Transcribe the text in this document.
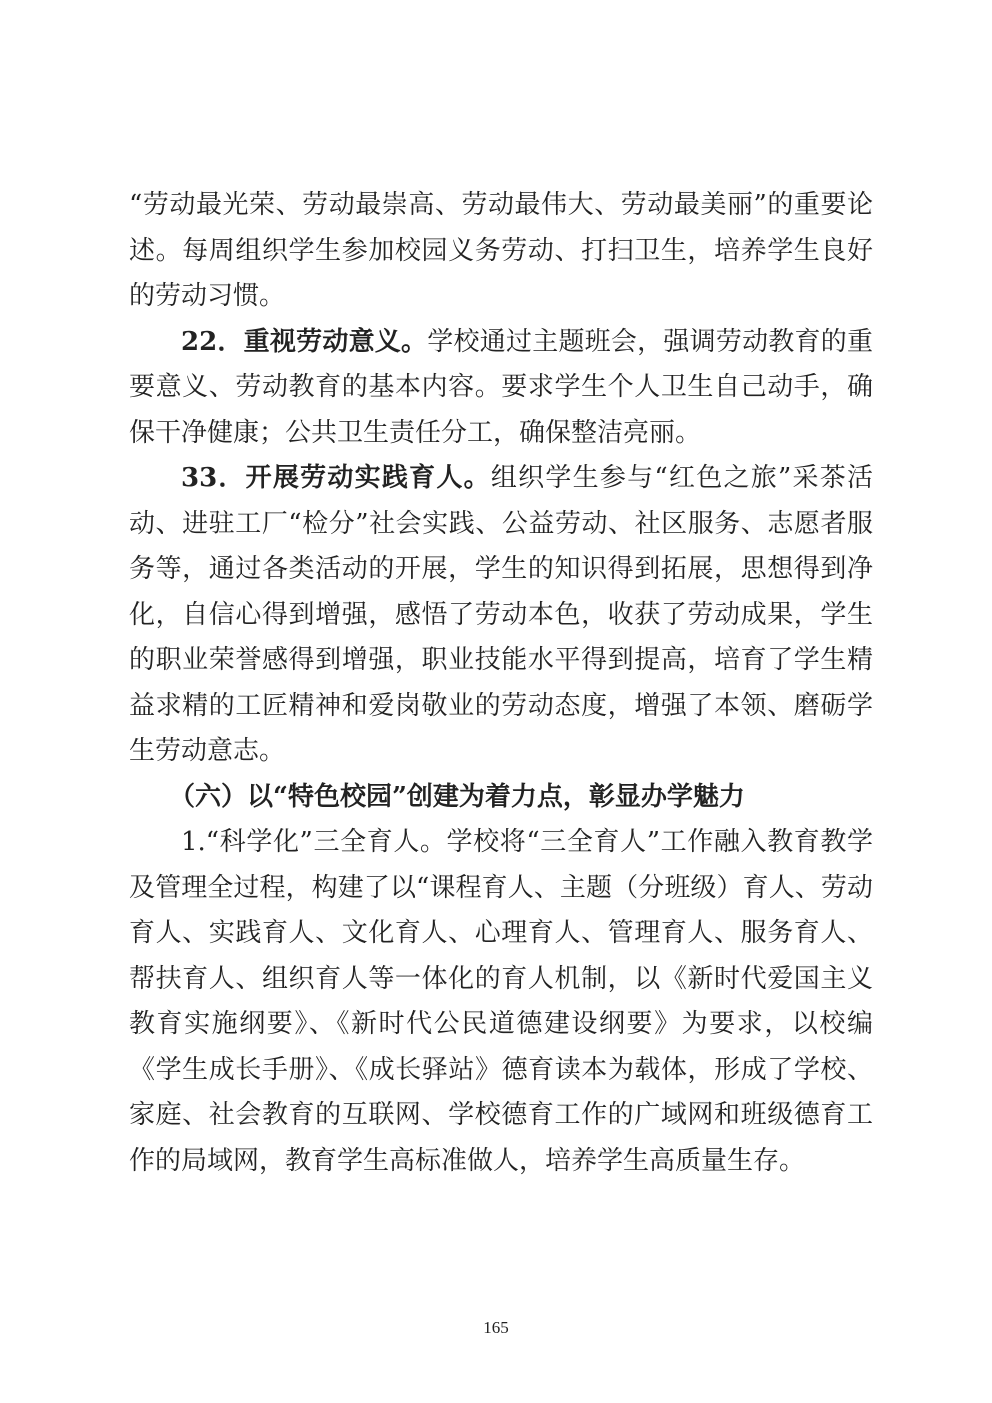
“劳动最光荣、劳动最崇高、劳动最伟大、劳动最美丽”的重要论述。每周组织学生参加校园义务劳动、打扫卫生，培养学生良好的劳动习惯。

22．重视劳动意义。学校通过主题班会，强调劳动教育的重要意义、劳动教育的基本内容。要求学生个人卫生自己动手，确保干净健康；公共卫生责任分工，确保整洁亮丽。

33．开展劳动实践育人。组织学生参与“红色之旅”采茶活动、进驻工厂“检分”社会实践、公益劳动、社区服务、志愿者服务等，通过各类活动的开展，学生的知识得到拓展，思想得到净化，自信心得到增强，感悟了劳动本色，收获了劳动成果，学生的职业荣誉感得到增强，职业技能水平得到提高，培育了学生精益求精的工匠精神和爱岗敬业的劳动态度，增强了本领、磨砺学生劳动意志。

（六）以“特色校园”创建为着力点，彰显办学魅力

1.“科学化”三全育人。学校将“三全育人”工作融入教育教学及管理全过程，构建了以“课程育人、主题（分班级）育人、劳动育人、实践育人、文化育人、心理育人、管理育人、服务育人、帮扶育人、组织育人等一体化的育人机制，以《新时代爱国主义教育实施纲要》、《新时代公民道德建设纲要》为要求，以校编《学生成长手册》、《成长驿站》德育读本为载体，形成了学校、家庭、社会教育的互联网、学校德育工作的广域网和班级德育工作的局域网，教育学生高标准做人，培养学生高质量生存。

165
